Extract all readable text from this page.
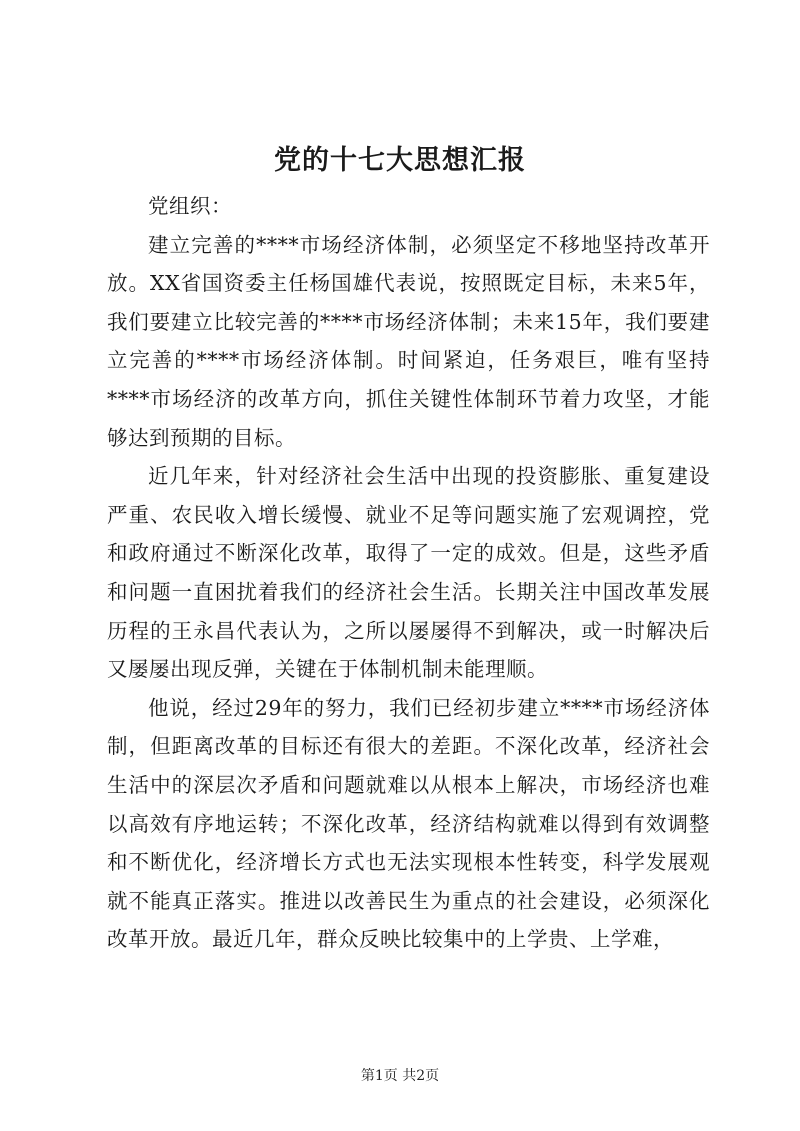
党的十七大思想汇报

党组织：

建立完善的****市场经济体制，必须坚定不移地坚持改革开放。XX省国资委主任杨国雄代表说，按照既定目标，未来5年，我们要建立比较完善的****市场经济体制；未来15年，我们要建立完善的****市场经济体制。时间紧迫，任务艰巨，唯有坚持****市场经济的改革方向，抓住关键性体制环节着力攻坚，才能够达到预期的目标。

近几年来，针对经济社会生活中出现的投资膨胀、重复建设严重、农民收入增长缓慢、就业不足等问题实施了宏观调控，党和政府通过不断深化改革，取得了一定的成效。但是，这些矛盾和问题一直困扰着我们的经济社会生活。长期关注中国改革发展历程的王永昌代表认为，之所以屡屡得不到解决，或一时解决后又屡屡出现反弹，关键在于体制机制未能理顺。

他说，经过29年的努力，我们已经初步建立****市场经济体制，但距离改革的目标还有很大的差距。不深化改革，经济社会生活中的深层次矛盾和问题就难以从根本上解决，市场经济也难以高效有序地运转；不深化改革，经济结构就难以得到有效调整和不断优化，经济增长方式也无法实现根本性转变，科学发展观就不能真正落实。推进以改善民生为重点的社会建设，必须深化改革开放。最近几年，群众反映比较集中的上学贵、上学难，

第1页 共2页
